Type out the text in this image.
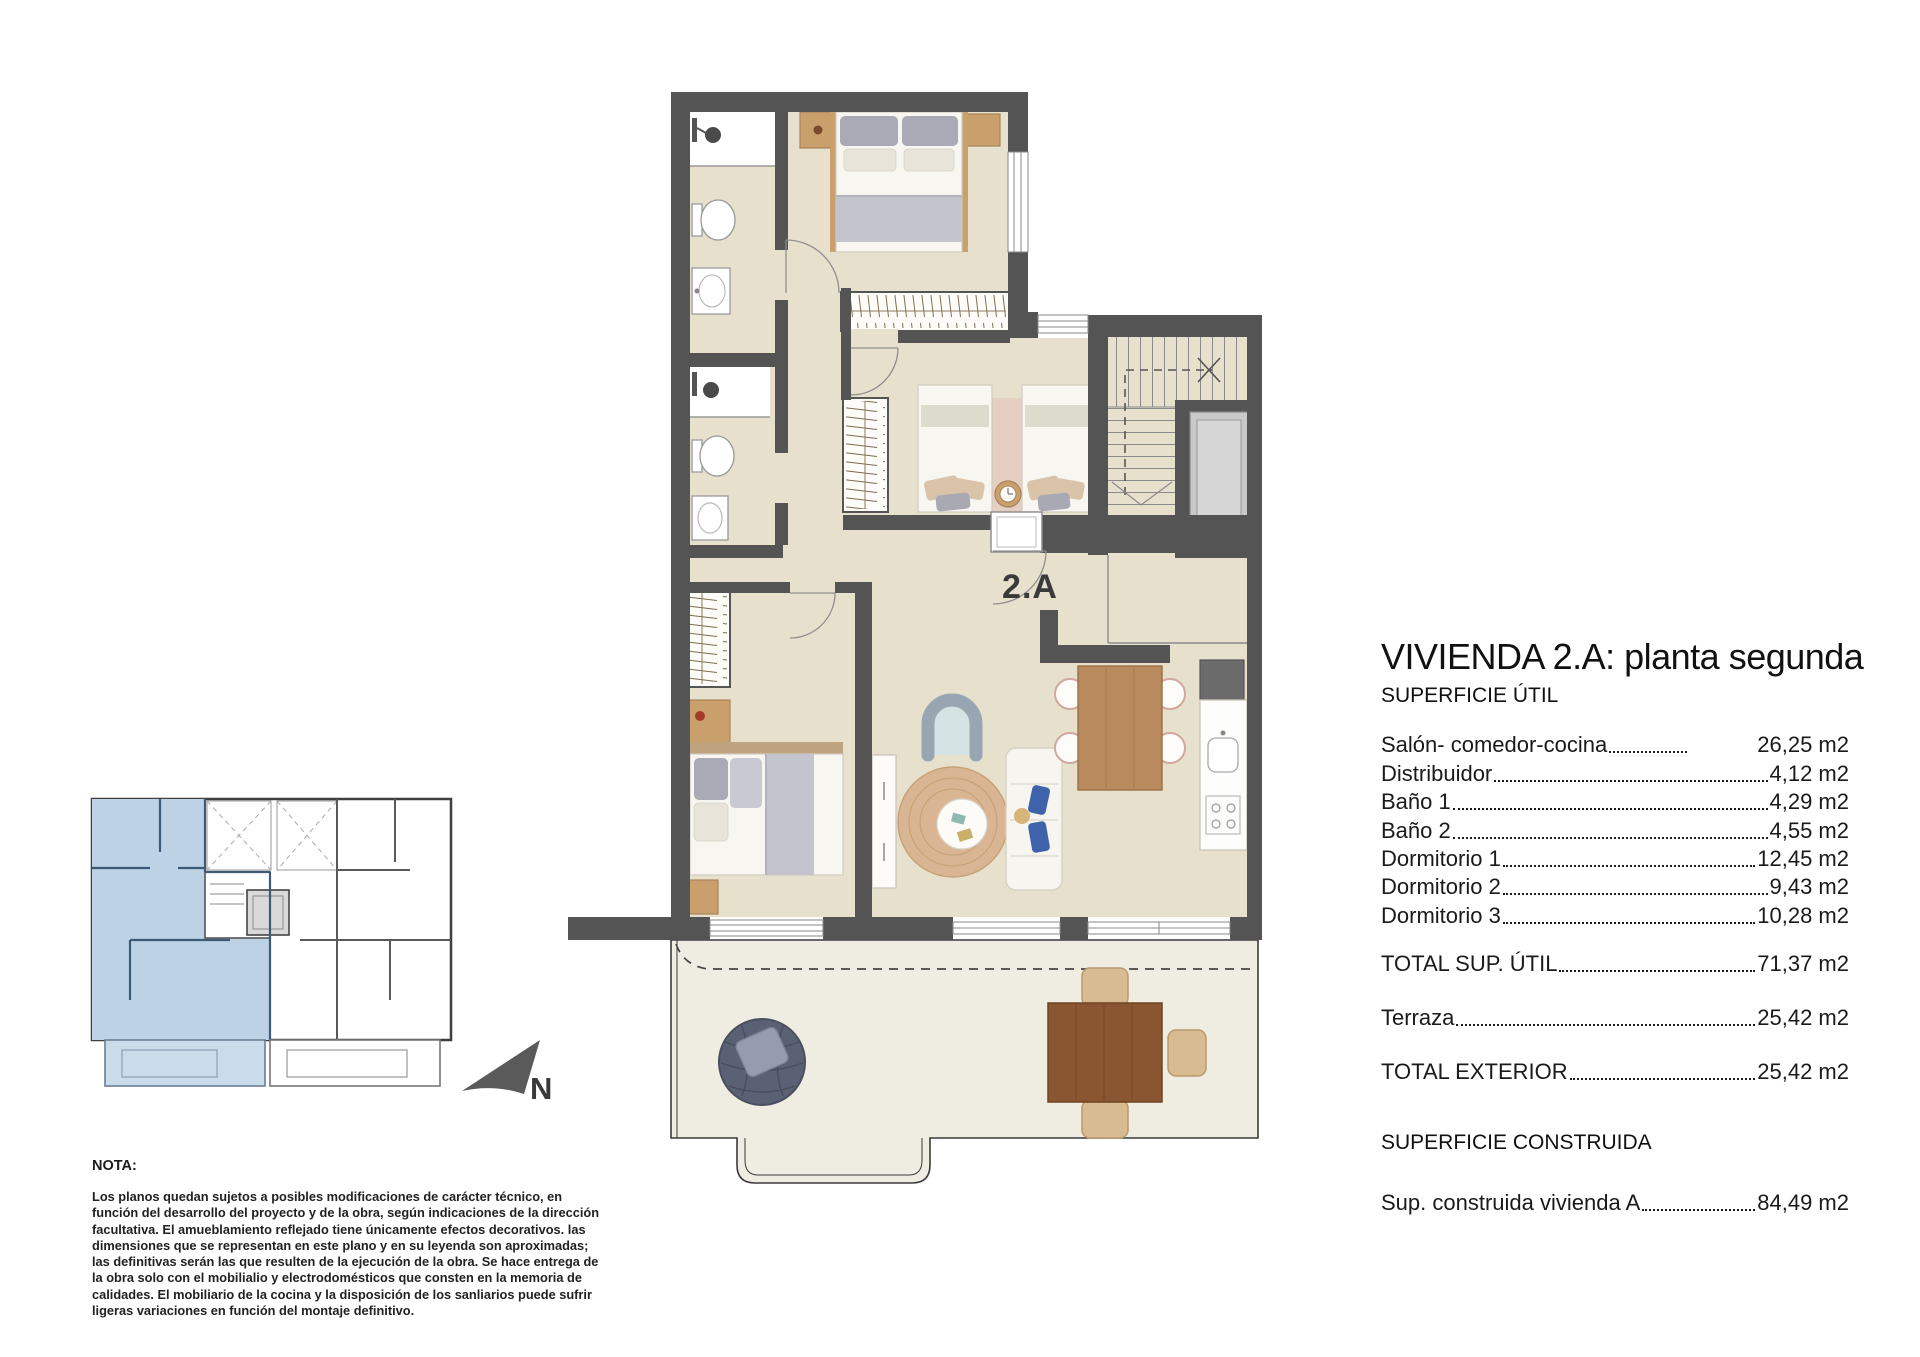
2.A
N
VIVIENDA 2.A: planta segunda
SUPERFICIE ÚTIL
Salón- comedor-cocina	26,25 m2
Distribuidor	4,12 m2
Baño 1	4,29 m2
Baño 2	4,55 m2
Dormitorio 1	12,45 m2
Dormitorio 2	9,43 m2
Dormitorio 3	10,28 m2
TOTAL SUP. ÚTIL	71,37 m2
Terraza	25,42 m2
TOTAL EXTERIOR	25,42 m2
SUPERFICIE CONSTRUIDA
Sup. construida vivienda A	84,49 m2
NOTA:
Los planos quedan sujetos a posibles modificaciones de carácter técnico, en función del desarrollo del proyecto y de la obra, según indicaciones de la dirección facultativa. El amueblamiento reflejado tiene únicamente efectos decorativos. las dimensiones que se representan en este plano y en su leyenda son aproximadas; las definitivas serán las que resulten de la ejecución de la obra. Se hace entrega de la obra solo con el mobilialio y electrodomésticos que consten en la memoria de calidades. El mobiliario de la cocina y la disposición de los sanliarios puede sufrir ligeras variaciones en función del montaje definitivo.
